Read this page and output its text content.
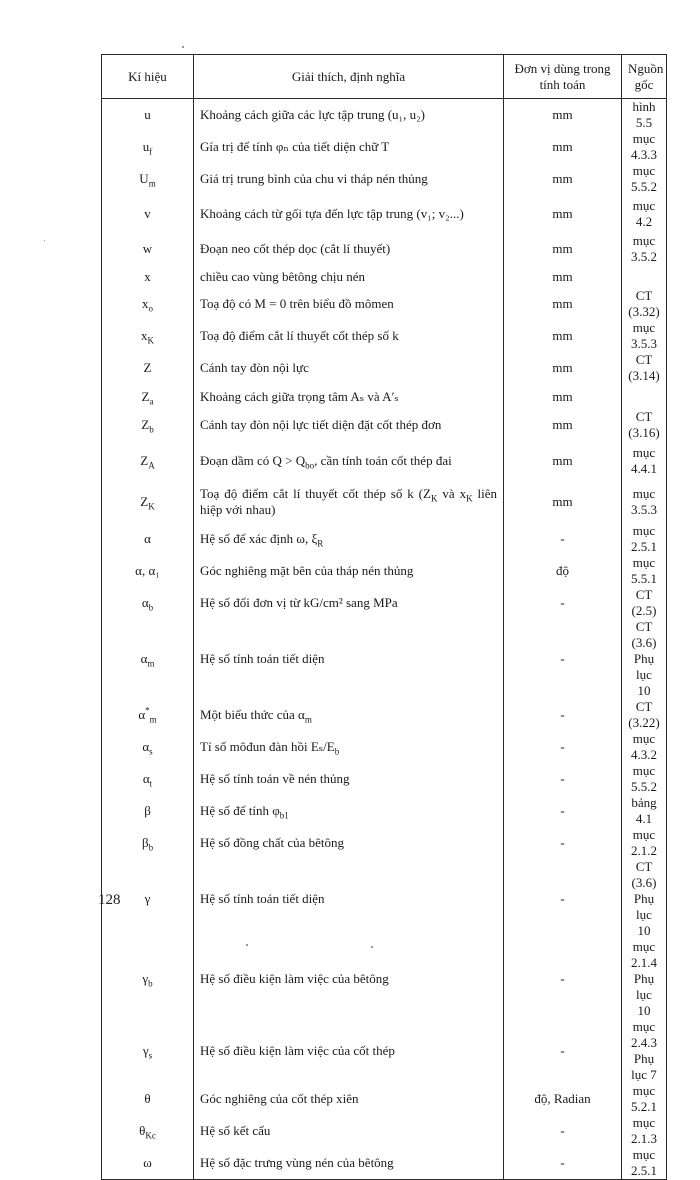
Kí hiệu	Giải thích, định nghĩa	Đơn vị dùng trong tính toán	Nguồn gốc
u	Khoảng cách giữa các lực tập trung (u₁, u₂)	mm	hình 5.5

$u_f$	Gía trị để tính φₙ của tiết diện chữ T	mm	mục 4.3.3

$U_m$	Giá trị trung bình của chu vi tháp nén thủng	mm	mục 5.5.2

v	Khoảng cách từ gối tựa đến lực tập trung (v₁; v₂...)	mm	mục 4.2

w	Đoạn neo cốt thép dọc (cắt lí thuyết)	mm	mục 3.5.2

x	chiều cao vùng bêtông chịu nén	mm	

$x_o$	Toạ độ có M = 0 trên biểu đồ mômen	mm	CT (3.32)

$x_K$	Toạ độ điểm cắt lí thuyết cốt thép số k	mm	mục 3.5.3

Z	Cánh tay đòn nội lực	mm	CT (3.14)

$Z_a$	Khoảng cách giữa trọng tâm Aₛ và A′ₛ	mm	

$Z_b$	Cánh tay đòn nội lực tiết diện đặt cốt thép đơn	mm	CT (3.16)

$Z_A$	Đoạn dầm có $Q > Q_{bo}$, cần tính toán cốt thép đai	mm	mục 4.4.1

$Z_K$	Toạ độ điểm cắt lí thuyết cốt thép số k ($Z_K$ và $x_K$ liên hiệp với nhau)	mm	mục 3.5.3

α	Hệ số để xác định ω, $\xi_R$	-	mục 2.5.1

α, α₁	Góc nghiêng mặt bên của tháp nén thủng	độ	mục 5.5.1

$\alpha_b$	Hệ số đổi đơn vị từ kG/cm² sang MPa	-	CT (2.5)

$\alpha_m$	Hệ số tính toán tiết diện	-	CT (3.6)
Phụ lục 10

$\alpha^*_m$	Một biểu thức của $\alpha_m$	-	CT (3.22)

$\alpha_s$	Tỉ số môđun đàn hồi $E_s/E_b$	-	mục 4.3.2

$\alpha_t$	Hệ số tính toán về nén thủng	-	mục 5.5.2

β	Hệ số để tính $\varphi_{b1}$	-	bảng 4.1

$\beta_b$	Hệ số đồng chất của bêtông	-	mục 2.1.2

γ	Hệ số tính toán tiết diện	-	CT (3.6)
Phụ lục 10

$\gamma_b$	Hệ số điều kiện làm việc của bêtông	-	mục 2.1.4
Phụ lục 10

$\gamma_s$	Hệ số điều kiện làm việc của cốt thép	-	mục 2.4.3
Phụ lục 7

θ	Góc nghiêng của cốt thép xiên	độ, Radian	mục 5.2.1

$\theta_{Kc}$	Hệ số kết cấu	-	mục 2.1.3

ω	Hệ số đặc trưng vùng nén của bêtông	-	mục 2.5.1
128
